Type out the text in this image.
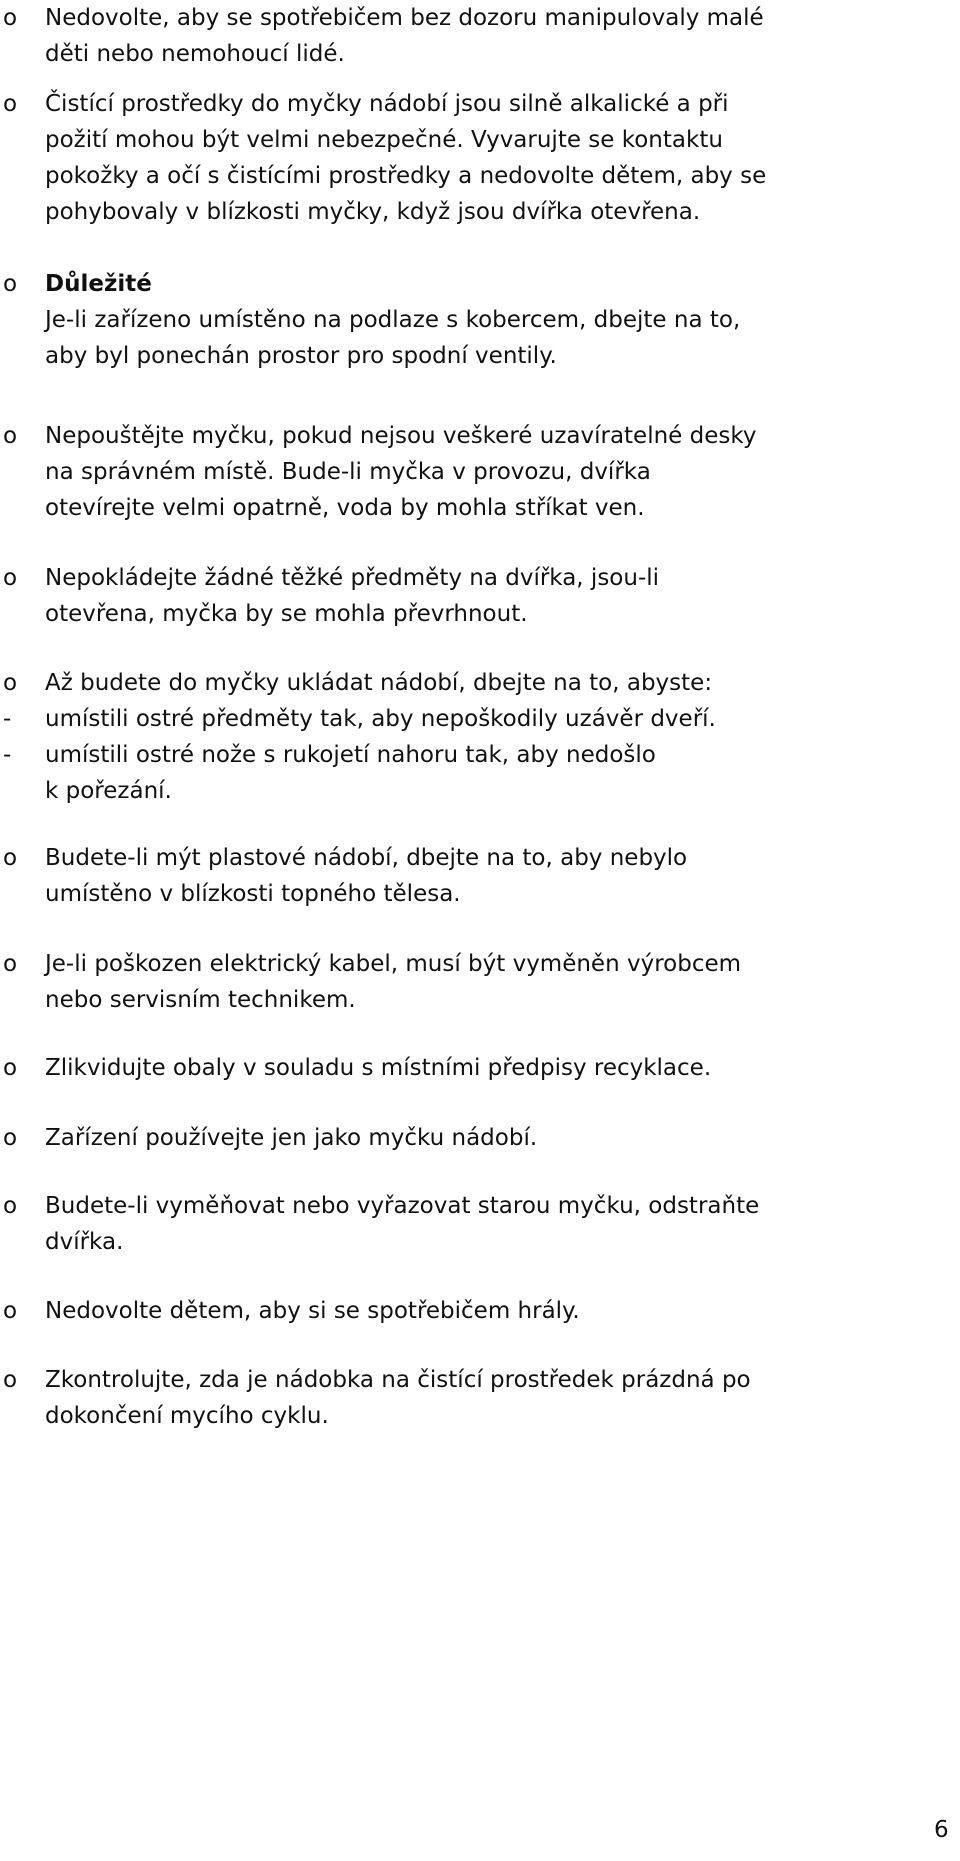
o	Nedovolte, aby se spotřebičem bez dozoru manipulovaly malé
děti nebo nemohoucí lidé.
o	Čistící prostředky do myčky nádobí jsou silně alkalické a při
požití mohou být velmi nebezpečné. Vyvarujte se kontaktu
pokožky a očí s čistícími prostředky a nedovolte dětem, aby se
pohybovaly v blízkosti myčky, když jsou dvířka otevřena.
o	Důležité
Je-li zařízeno umístěno na podlaze s kobercem, dbejte na to,
aby byl ponechán prostor pro spodní ventily.
o	Nepouštějte myčku, pokud nejsou veškeré uzavíratelné desky
na správném místě. Bude-li myčka v provozu, dvířka
otevírejte velmi opatrně, voda by mohla stříkat ven.
o	Nepokládejte žádné těžké předměty na dvířka, jsou-li
otevřena, myčka by se mohla převrhnout.
o	Až budete do myčky ukládat nádobí, dbejte na to, abyste:
-	umístili ostré předměty tak, aby nepoškodily uzávěr dveří.
-	umístili ostré nože s rukojetí nahoru tak, aby nedošlo
k pořezání.
o	Budete-li mýt plastové nádobí, dbejte na to, aby nebylo
umístěno v blízkosti topného tělesa.
o	Je-li poškozen elektrický kabel, musí být vyměněn výrobcem
nebo servisním technikem.
o	Zlikvidujte obaly v souladu s místními předpisy recyklace.
o	Zařízení používejte jen jako myčku nádobí.
o	Budete-li vyměňovat nebo vyřazovat starou myčku, odstraňte
dvířka.
o	Nedovolte dětem, aby si se spotřebičem hrály.
o	Zkontrolujte, zda je nádobka na čistící prostředek prázdná po
dokončení mycího cyklu.
6
